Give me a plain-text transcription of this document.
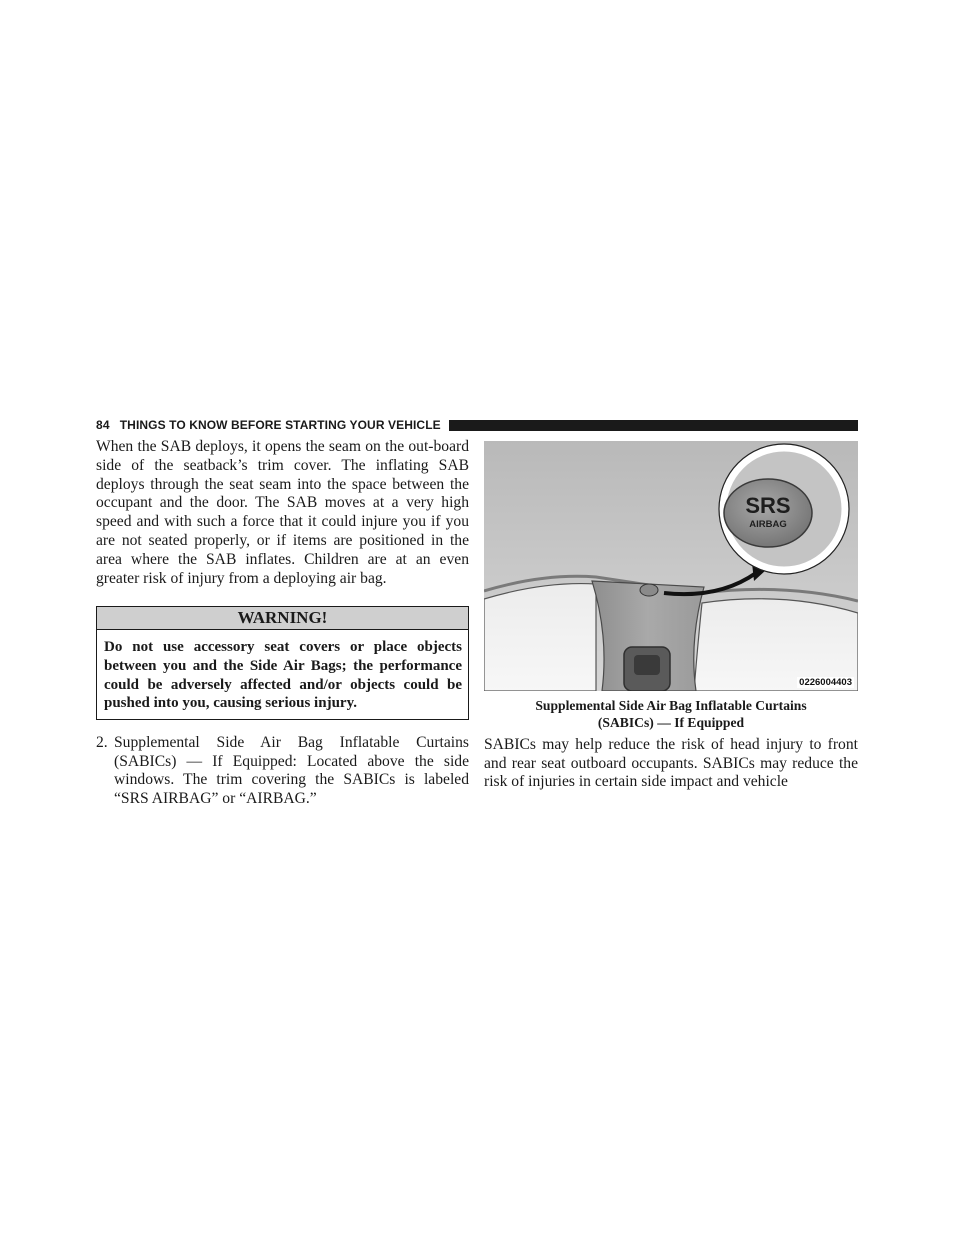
84 THINGS TO KNOW BEFORE STARTING YOUR VEHICLE

When the SAB deploys, it opens the seam on the out-board side of the seatback’s trim cover. The inflating SAB deploys through the seat seam into the space between the occupant and the door. The SAB moves at a very high speed and with such a force that it could injure you if you are not seated properly, or if items are positioned in the area where the SAB inflates. Children are at an even greater risk of injury from a deploying air bag.

WARNING!
Do not use accessory seat covers or place objects between you and the Side Air Bags; the performance could be adversely affected and/or objects could be pushed into you, causing serious injury.
2. Supplemental Side Air Bag Inflatable Curtains (SABICs) — If Equipped: Located above the side windows. The trim covering the SABICs is labeled “SRS AIRBAG” or “AIRBAG.”

SRS
AIRBAG
0226004403
Supplemental Side Air Bag Inflatable Curtains
(SABICs) — If Equipped

SABICs may help reduce the risk of head injury to front and rear seat outboard occupants. SABICs may reduce the risk of injuries in certain side impact and vehicle
